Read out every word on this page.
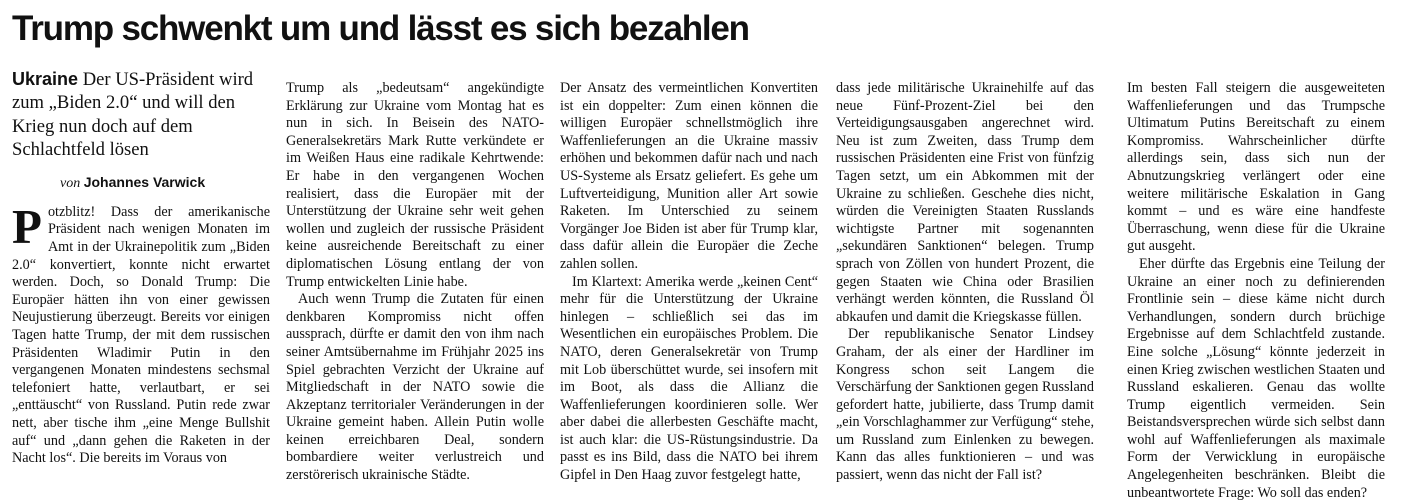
Trump schwenkt um und lässt es sich bezahlen

Ukraine Der US-Präsident wird zum „Biden 2.0“ und will den Krieg nun doch auf dem Schlachtfeld lösen

von Johannes Varwick

Potzblitz! Dass der amerikanische Präsident nach wenigen Monaten im Amt in der Ukrainepolitik zum „Biden 2.0“ konvertiert, konnte nicht erwartet werden. Doch, so Donald Trump: Die Europäer hätten ihn von einer gewissen Neujustierung überzeugt. Bereits vor einigen Tagen hatte Trump, der mit dem russischen Präsidenten Wladimir Putin in den vergangenen Monaten mindestens sechsmal telefoniert hatte, verlautbart, er sei „enttäuscht“ von Russland. Putin rede zwar nett, aber tische ihm „eine Menge Bullshit auf“ und „dann gehen die Raketen in der Nacht los“. Die bereits im Voraus von

Trump als „bedeutsam“ angekündigte Erklärung zur Ukraine vom Montag hat es nun in sich. In Beisein des NATO-Generalsekretärs Mark Rutte verkündete er im Weißen Haus eine radikale Kehrtwende: Er habe in den vergangenen Wochen realisiert, dass die Europäer mit der Unterstützung der Ukraine sehr weit gehen wollen und zugleich der russische Präsident keine ausreichende Bereitschaft zu einer diplomatischen Lösung entlang der von Trump entwickelten Linie habe.

Auch wenn Trump die Zutaten für einen denkbaren Kompromiss nicht offen aussprach, dürfte er damit den von ihm nach seiner Amtsübernahme im Frühjahr 2025 ins Spiel gebrachten Verzicht der Ukraine auf Mitgliedschaft in der NATO sowie die Akzeptanz territorialer Veränderungen in der Ukraine gemeint haben. Allein Putin wolle keinen erreichbaren Deal, sondern bombardiere weiter verlustreich und zerstörerisch ukrainische Städte.

Der Ansatz des vermeintlichen Konvertiten ist ein doppelter: Zum einen können die willigen Europäer schnellstmöglich ihre Waffenlieferungen an die Ukraine massiv erhöhen und bekommen dafür nach und nach US-Systeme als Ersatz geliefert. Es gehe um Luftverteidigung, Munition aller Art sowie Raketen. Im Unterschied zu seinem Vorgänger Joe Biden ist aber für Trump klar, dass dafür allein die Europäer die Zeche zahlen sollen.

Im Klartext: Amerika werde „keinen Cent“ mehr für die Unterstützung der Ukraine hinlegen – schließlich sei das im Wesentlichen ein europäisches Problem. Die NATO, deren Generalsekretär von Trump mit Lob überschüttet wurde, sei insofern mit im Boot, als dass die Allianz die Waffenlieferungen koordinieren solle. Wer aber dabei die allerbesten Geschäfte macht, ist auch klar: die US-Rüstungsindustrie. Da passt es ins Bild, dass die NATO bei ihrem Gipfel in Den Haag zuvor festgelegt hatte,

dass jede militärische Ukrainehilfe auf das neue Fünf-Prozent-Ziel bei den Verteidigungsausgaben angerechnet wird. Neu ist zum Zweiten, dass Trump dem russischen Präsidenten eine Frist von fünfzig Tagen setzt, um ein Abkommen mit der Ukraine zu schließen. Geschehe dies nicht, würden die Vereinigten Staaten Russlands wichtigste Partner mit sogenannten „sekundären Sanktionen“ belegen. Trump sprach von Zöllen von hundert Prozent, die gegen Staaten wie China oder Brasilien verhängt werden könnten, die Russland Öl abkaufen und damit die Kriegskasse füllen.

Der republikanische Senator Lindsey Graham, der als einer der Hardliner im Kongress schon seit Langem die Verschärfung der Sanktionen gegen Russland gefordert hatte, jubilierte, dass Trump damit „ein Vorschlaghammer zur Verfügung“ stehe, um Russland zum Einlenken zu bewegen. Kann das alles funktionieren – und was passiert, wenn das nicht der Fall ist?

Im besten Fall steigern die ausgeweiteten Waffenlieferungen und das Trumpsche Ultimatum Putins Bereitschaft zu einem Kompromiss. Wahrscheinlicher dürfte allerdings sein, dass sich nun der Abnutzungskrieg verlängert oder eine weitere militärische Eskalation in Gang kommt – und es wäre eine handfeste Überraschung, wenn diese für die Ukraine gut ausgeht.

Eher dürfte das Ergebnis eine Teilung der Ukraine an einer noch zu definierenden Frontlinie sein – diese käme nicht durch Verhandlungen, sondern durch brüchige Ergebnisse auf dem Schlachtfeld zustande. Eine solche „Lösung“ könnte jederzeit in einen Krieg zwischen westlichen Staaten und Russland eskalieren. Genau das wollte Trump eigentlich vermeiden. Sein Beistandsversprechen würde sich selbst dann wohl auf Waffenlieferungen als maximale Form der Verwicklung in europäische Angelegenheiten beschränken. Bleibt die unbeantwortete Frage: Wo soll das enden?
